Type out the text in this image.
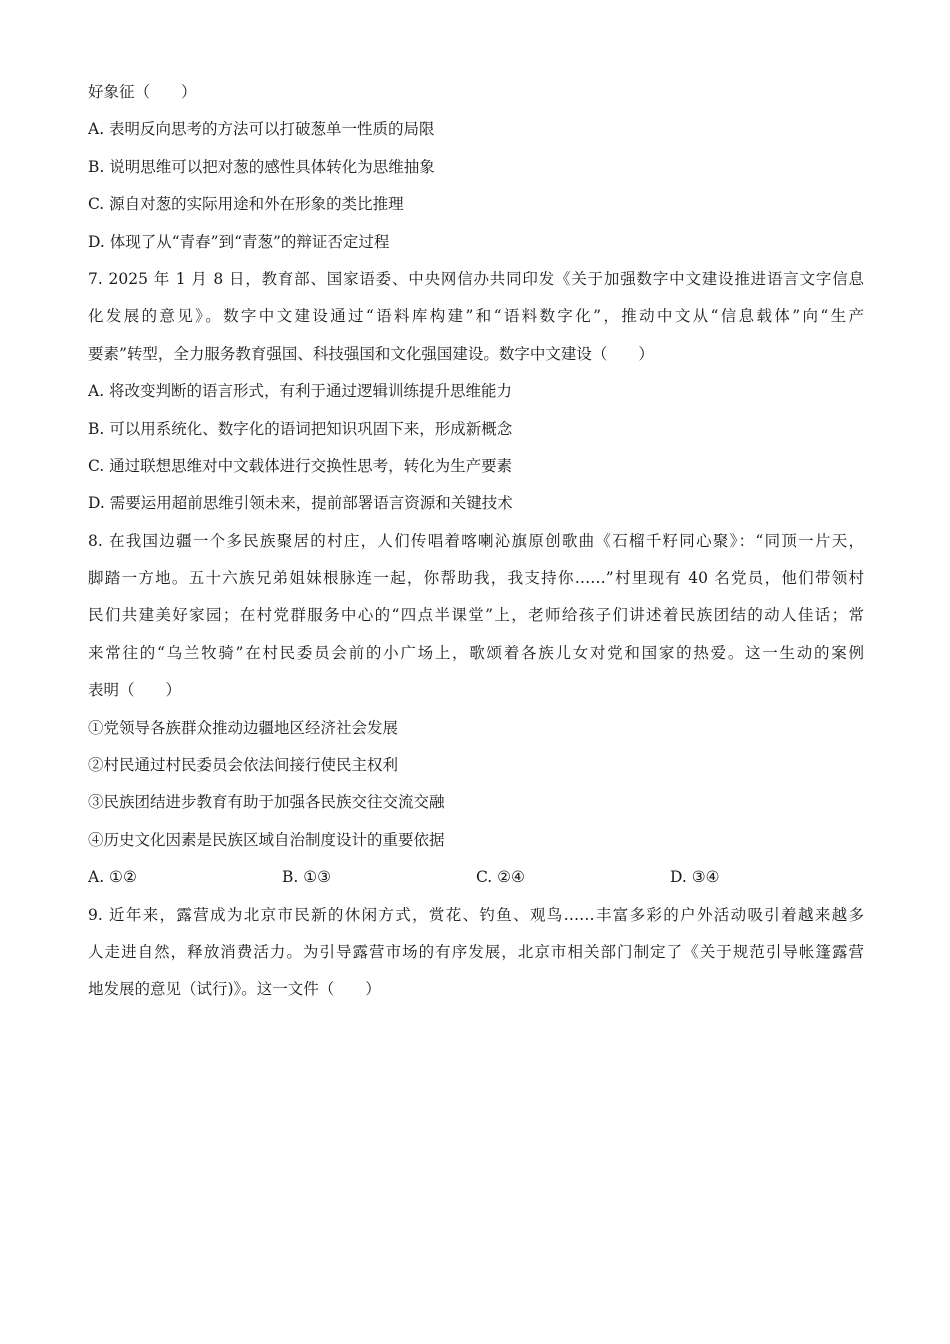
好象征（　　）
A. 表明反向思考的方法可以打破葱单一性质的局限
B. 说明思维可以把对葱的感性具体转化为思维抽象
C. 源自对葱的实际用途和外在形象的类比推理
D. 体现了从“青春”到“青葱”的辩证否定过程
7. 2025 年 1 月 8 日，教育部、国家语委、中央网信办共同印发《关于加强数字中文建设推进语言文字信息
化发展的意见》。数字中文建设通过“语料库构建”和“语料数字化”，推动中文从“信息载体”向“生产
要素”转型，全力服务教育强国、科技强国和文化强国建设。数字中文建设（　　）
A. 将改变判断的语言形式，有利于通过逻辑训练提升思维能力
B. 可以用系统化、数字化的语词把知识巩固下来，形成新概念
C. 通过联想思维对中文载体进行交换性思考，转化为生产要素
D. 需要运用超前思维引领未来，提前部署语言资源和关键技术
8. 在我国边疆一个多民族聚居的村庄，人们传唱着喀喇沁旗原创歌曲《石榴千籽同心聚》：“同顶一片天，
脚踏一方地。五十六族兄弟姐妹根脉连一起，你帮助我，我支持你……”村里现有 40 名党员，他们带领村
民们共建美好家园；在村党群服务中心的“四点半课堂”上，老师给孩子们讲述着民族团结的动人佳话；常
来常往的“乌兰牧骑”在村民委员会前的小广场上，歌颂着各族儿女对党和国家的热爱。这一生动的案例
表明（　　）
①党领导各族群众推动边疆地区经济社会发展
②村民通过村民委员会依法间接行使民主权利
③民族团结进步教育有助于加强各民族交往交流交融
④历史文化因素是民族区域自治制度设计的重要依据
A. ①②	B. ①③	C. ②④	D. ③④
9. 近年来，露营成为北京市民新的休闲方式，赏花、钓鱼、观鸟……丰富多彩的户外活动吸引着越来越多
人走进自然，释放消费活力。为引导露营市场的有序发展，北京市相关部门制定了《关于规范引导帐篷露营
地发展的意见（试行)》。这一文件（　　）
